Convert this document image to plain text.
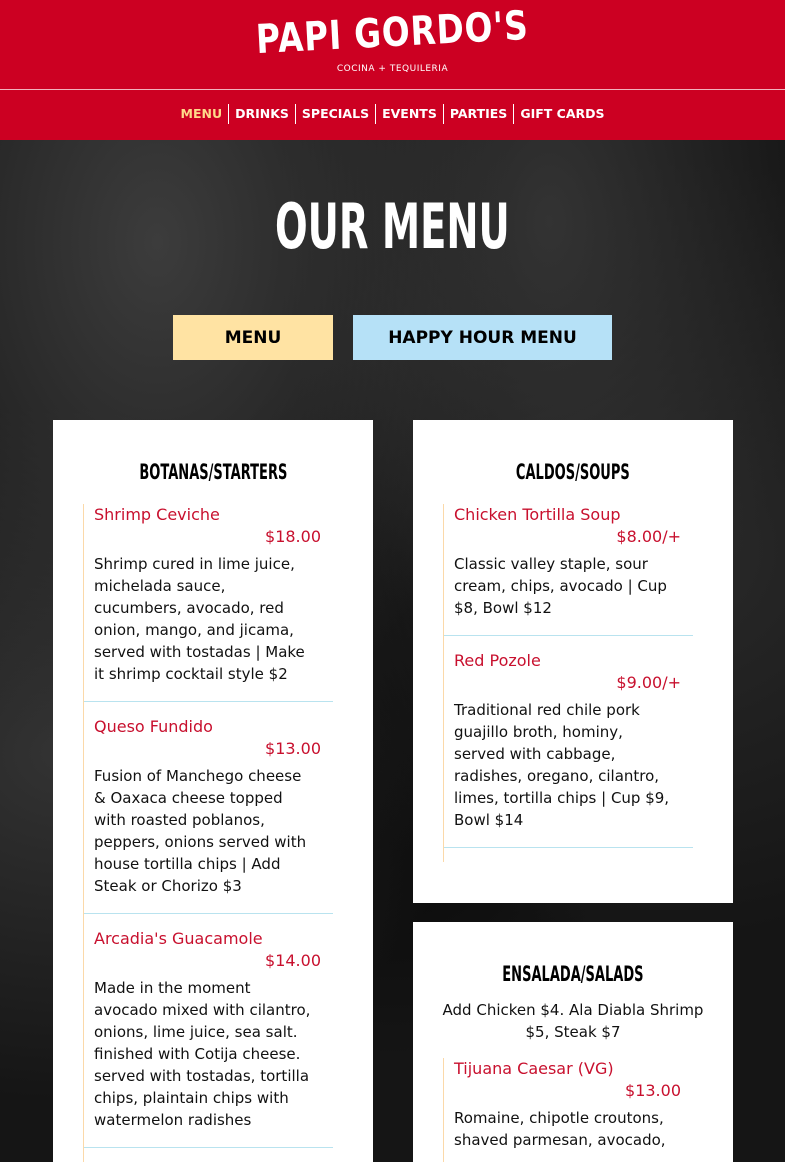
PAPI GORDO'S
COCINA + TEQUILERIA
MENU	DRINKS	SPECIALS	EVENTS	PARTIES	GIFT CARDS
OUR MENU
MENU	HAPPY HOUR MENU
BOTANAS/STARTERS
Shrimp Ceviche
$18.00
Shrimp cured in lime juice, michelada sauce, cucumbers, avocado, red onion, mango, and jicama, served with tostadas | Make it shrimp cocktail style $2
Queso Fundido
$13.00
Fusion of Manchego cheese & Oaxaca cheese topped with roasted poblanos, peppers, onions served with house tortilla chips | Add Steak or Chorizo $3
Arcadia's Guacamole
$14.00
Made in the moment avocado mixed with cilantro, onions, lime juice, sea salt. finished with Cotija cheese. served with tostadas, tortilla chips, plaintain chips with watermelon radishes
CALDOS/SOUPS
Chicken Tortilla Soup
$8.00/+
Classic valley staple, sour cream, chips, avocado | Cup $8, Bowl $12
Red Pozole
$9.00/+
Traditional red chile pork guajillo broth, hominy, served with cabbage, radishes, oregano, cilantro, limes, tortilla chips | Cup $9, Bowl $14
ENSALADA/SALADS
Add Chicken $4. Ala Diabla Shrimp $5, Steak $7
Tijuana Caesar (VG)
$13.00
Romaine, chipotle croutons, shaved parmesan, avocado,
